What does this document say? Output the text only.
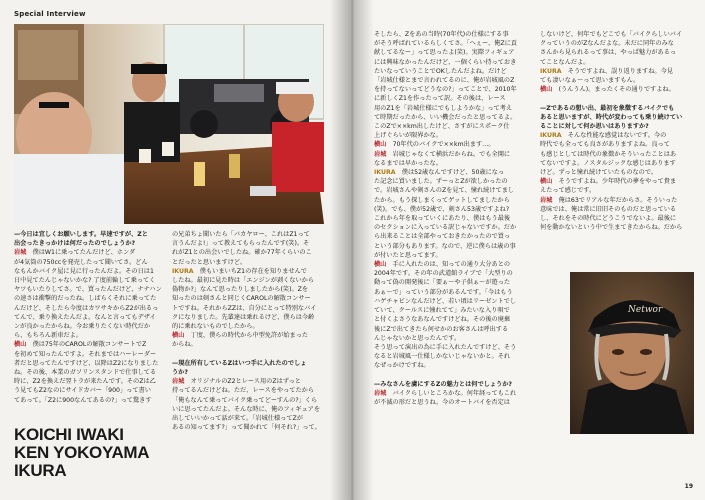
Special Interview
—今日は宜しくお願いします。早速ですが、Zと
出会ったきっかけは何だったのでしょうか?
岩城　 僕はW1に乗ってたんだけど、ホンダ
が4気筒の750ccを発売したって聞いてさ。どん
なもんかバイク屋に見に行ったんだよ。その日は1
日中見てたんじゃないかな? 了度前輪して乗ってく
ヤツもいたりしてさ。で、買ったんだけど、ナナハン
の速さは衝撃的だったね。しばらくそれに乗ってた
んだけど、そしたら今度はカワサキからZ2が出るっ
てんで、乗り換えたんだよ。なんと言ってもデザイ
ンが良かったからね。今お乗りたくない時代だか
ら、もちろん新車だよ。
横山　 僕は75年のCAROLの解散コンサートでZ
を初めて知ったんですよ。それまではハーレーダー
者だと思ってたんですけど、以降はZ2になりました
ね。その後、本業のガソリンスタンドで仕事してる
時に、Z2を換えだ翌トラが来たんです。そのZは乙
う見てもZ2なのにサイドカバー「900」って書い
てあって。「Z2に900なんてあるの?」って驚きす
の兄弟ちょ聞いたら「バカヤロー、これはZ1って
言うんだよ!」って教えてもらったんです(笑)。そ
れがZ1との出会いでしたね。確か77年くらいのこ
とだったと思いますけど。
IKURA　 僕もいまいちZ1の存在を知りませんで
したね。最初に見た時は「エンジンが剥くないから
偽物か?」なんて思ったりしましたから(笑)。Zを
知ったのは剣さんと同じくCAROLの解散コンサー
トですね。それからZZは、自分にとって特別なバイ
クになりました。先輩達は乗れるけど、僕らは今齢
的に乗れないものでしたから。
横山　 丁度、僕らの時代から中型免許が始まった
からね。

—現在所有しているZはいつ手に入れたのでしょ
うか?
岩城　 オリジナルのZ2とレース用のZはずっと
持ってるんだけどね。ただ、レースをやってたから
「俺もなんて乗ってバイク乗ってどーすんの?」くら
いに思ってたんだよ。そんな時に、俺のフィギュアを
出していいかって話が来て。「岩城仕様ってZが
あるの知ってます?」って聞かれて「何それ?」って。
KOICHI IWAKI
KEN YOKOYAMA
IKURA
そしたら、Zをあの当時(70年代)の仕様にする事
がそう呼ばれているらしくてさ。「へぇー、俺Zに貢
献してるなー」って思ったよ(笑)。実際フィギュア
には興味なかったんだけど、一個くらい持っておき
たいなっていうことでOKしたんだよね。だけど
「岩城仕様とまで言われてるのに、俺が岩城風のZ
を持ってないってどうなの?」ってことで、2010年
に新しくZ1を作ったって訳。その後は、レース
用のZ1を「岩城仕様にでもしようかな」って考え
て時期だったから、いい機会だったと思ってるよ。
このZで××km出したけど、さすがにスポーク仕
上げぐらいが限界かな。
横山　 70年代のバイクで××km出ます…。
岩城　 岩城じゃなくて横浜だからね。でも全開に
なるまでは早かったな。
IKURA　 僕は52歳なんですけど、50歳になっ
た記念に買いました。ずーっとZが欲しかったの
で。岩城さんや剣さんのZを見て、憧れ続けてまし
たから。もう探しまくってゲットしてましたから
(笑)。でも、僕が52歳で、剣さん53歳ですよね?
これから年を取っていくにあたり、僕はもう最後
のセクションに入っている訳じゃないですか。だか
ら出来ることは全部やっておきたかったので買っ
という部分もあります。なので、逆に僕らは歳の事
が付いたと思ってます。
横山　 手に入れたのは、知っての通り大分あとの
2004年です。その年の武道館ライブで「大型りの
動って偽の開発後に「要ぁ〜や子供ぁ〜が遊った
あぁ〜で」っていう部分があるんです。「今はもう
ハゲチャビンなんだけど、若い頃はリーゼントでし
ていて、クールスに憧れてて」みたいな入り唄で
と付くよさうなあなんですけどね。その後の廃棄
後にZで出てきたら何せかのお客さんは呼出する
んじゃないかと思ったんです。
そう思って演出の為に手に入れたんですけど、そう
なると岩城風一仕様しかないじゃないかと。それ
なぜっかけですね。

—みなさんを虜にするZの魅力とは何でしょうか?
岩城　 バイクらしいところかな。何年経ってもこれ
が不滅の形だと思うね。今のオートバイを否定は
しないけど、何年でもどこでも「バイクらしいバイ
クっていうのがZなんだよな。未だに同年のみな
さんから見られるって事は、やっぱ魅力があるっ
てことなんだよ。
IKURA　 そうですよね、誤り返りますね。今見
ても凄いなぁ〜って思いますもん。
横山　 (うんうん)。まったくその通りですよね。

—Zであるの想い出、最初を象徴するバイクでも
あると思いますが、時代が変わっても乗り続けてい
ることに対して何か思いはありますか?
IKURA　 そんな性能な感覚はないです。今の
時代でも全っても良さがありますよね。良って
も感じとしては時代の象徴かそういったことはあ
てないですよ。ノスタルジックな感じはあります
けど。ずっと憧れ続けていたものなので。
横山　 そうですよね。少年時代の夢をやって貴ま
えたって感じです。
岩城　 俺は63でリアルな年だからさ。そういった
意味では、俺は常に旧旧そのものだと思っている
し、それをその時代にどうこうでないよ。最後に
何を動かないという中で生まてきたからね。だから
Networ
19
